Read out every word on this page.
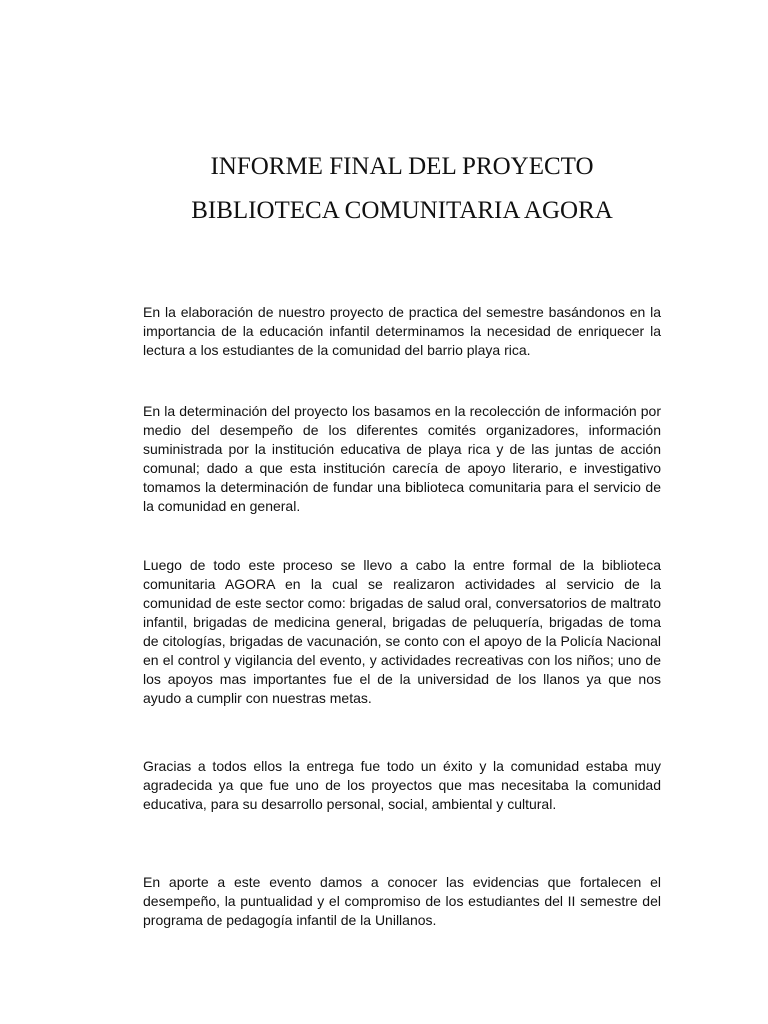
INFORME FINAL DEL PROYECTO
BIBLIOTECA COMUNITARIA AGORA

En la elaboración de nuestro proyecto de practica del semestre basándonos en la importancia de la educación infantil determinamos la necesidad de enriquecer la lectura a los estudiantes de la comunidad del barrio playa rica.

En la determinación del proyecto los basamos en la recolección de información por medio del desempeño de los diferentes comités organizadores, información suministrada por la institución educativa de playa rica y de las juntas de acción comunal; dado a que esta institución carecía de apoyo literario, e investigativo tomamos la determinación de fundar una biblioteca comunitaria para el servicio de la comunidad en general.

Luego de todo este proceso se llevo a cabo la entre formal de la biblioteca comunitaria AGORA en la cual se realizaron actividades al servicio de la comunidad de este sector como: brigadas de salud oral, conversatorios de maltrato infantil, brigadas de medicina general, brigadas de peluquería, brigadas de toma de citologías, brigadas de vacunación, se conto con el apoyo de la Policía Nacional en el control y vigilancia del evento, y actividades recreativas con los niños; uno de los apoyos mas importantes fue el de la universidad de los llanos ya que nos ayudo a cumplir con nuestras metas.

Gracias a todos ellos la entrega fue todo un éxito y la comunidad estaba muy agradecida ya que fue uno de los proyectos que mas necesitaba la comunidad educativa, para su desarrollo personal, social, ambiental y cultural.

En aporte a este evento damos a conocer las evidencias que fortalecen el desempeño, la puntualidad y el compromiso de los estudiantes del II semestre del programa de pedagogía infantil de la Unillanos.
